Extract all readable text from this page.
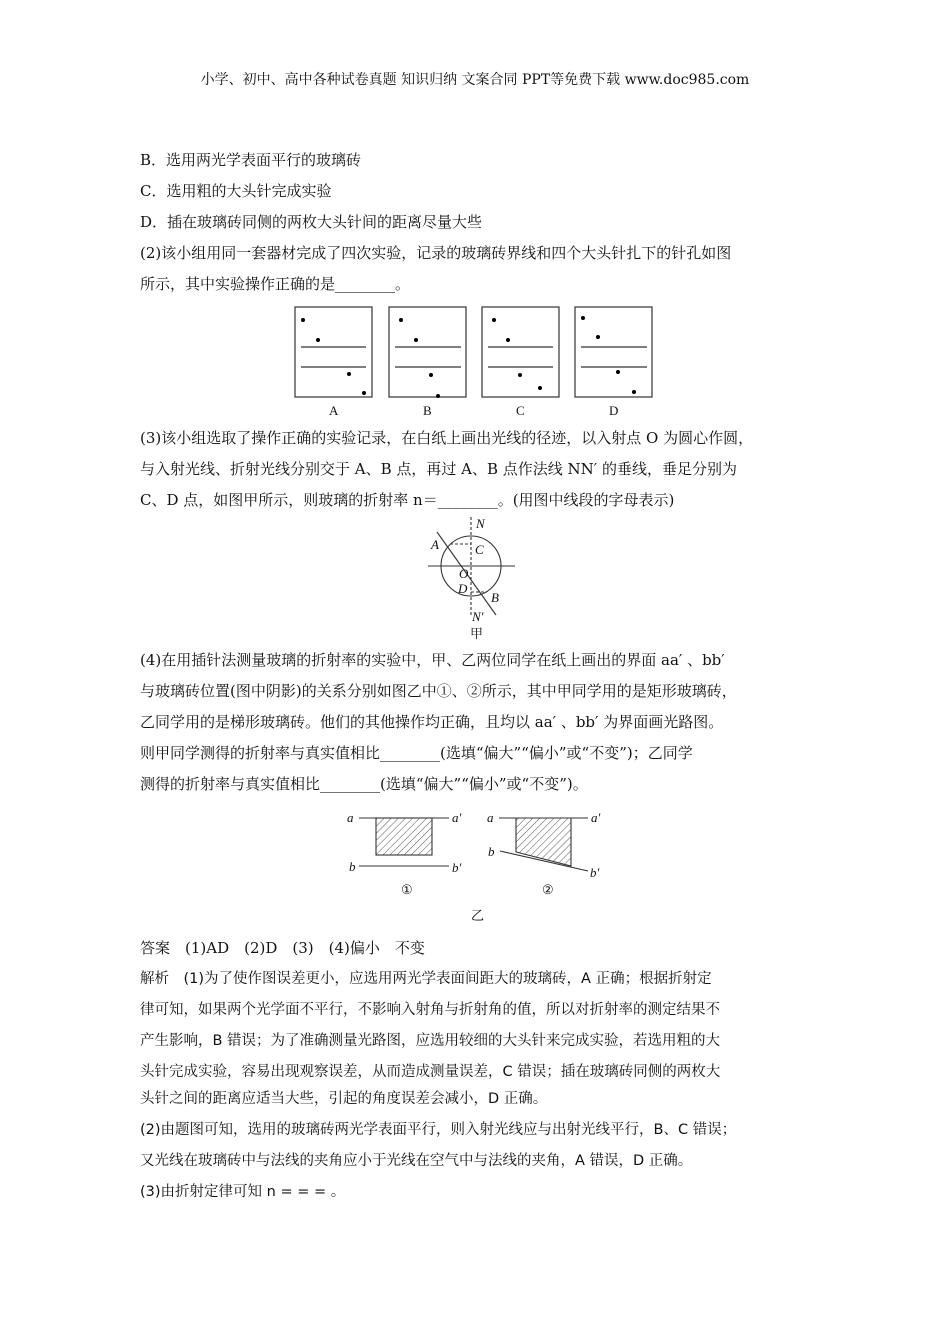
小学、初中、高中各种试卷真题 知识归纳 文案合同 PPT等免费下载 www.doc985.com
B．选用两光学表面平行的玻璃砖
C．选用粗的大头针完成实验
D．插在玻璃砖同侧的两枚大头针间的距离尽量大些
(2)该小组用同一套器材完成了四次实验，记录的玻璃砖界线和四个大头针扎下的针孔如图
所示，其中实验操作正确的是________。
A	B	C	D
N
A	C
O
D
B
N′
甲
a	a′
b	b′
①
a	a′
b
b′
②
乙
(3)该小组选取了操作正确的实验记录，在白纸上画出光线的径迹，以入射点 O 为圆心作圆，
与入射光线、折射光线分别交于 A、B 点，再过 A、B 点作法线 NN′ 的垂线，垂足分别为
C、D 点，如图甲所示，则玻璃的折射率 n＝________。(用图中线段的字母表示)
(4)在用插针法测量玻璃的折射率的实验中，甲、乙两位同学在纸上画出的界面 aa′ 、bb′
与玻璃砖位置(图中阴影)的关系分别如图乙中①、②所示，其中甲同学用的是矩形玻璃砖，
乙同学用的是梯形玻璃砖。他们的其他操作均正确，且均以 aa′ 、bb′ 为界面画光路图。
则甲同学测得的折射率与真实值相比________(选填“偏大”“偏小”或“不变”)；乙同学
测得的折射率与真实值相比________(选填“偏大”“偏小”或“不变”)。
答案　(1)AD　(2)D　(3)　(4)偏小　不变
解析　(1)为了使作图误差更小，应选用两光学表面间距大的玻璃砖，A 正确；根据折射定
律可知，如果两个光学面不平行，不影响入射角与折射角的值，所以对折射率的测定结果不
产生影响，B 错误；为了准确测量光路图，应选用较细的大头针来完成实验，若选用粗的大
头针完成实验，容易出现观察误差，从而造成测量误差，C 错误；插在玻璃砖同侧的两枚大
头针之间的距离应适当大些，引起的角度误差会减小，D 正确。
(2)由题图可知，选用的玻璃砖两光学表面平行，则入射光线应与出射光线平行，B、C 错误；
又光线在玻璃砖中与法线的夹角应小于光线在空气中与法线的夹角，A 错误，D 正确。
(3)由折射定律可知 n = = = 。
